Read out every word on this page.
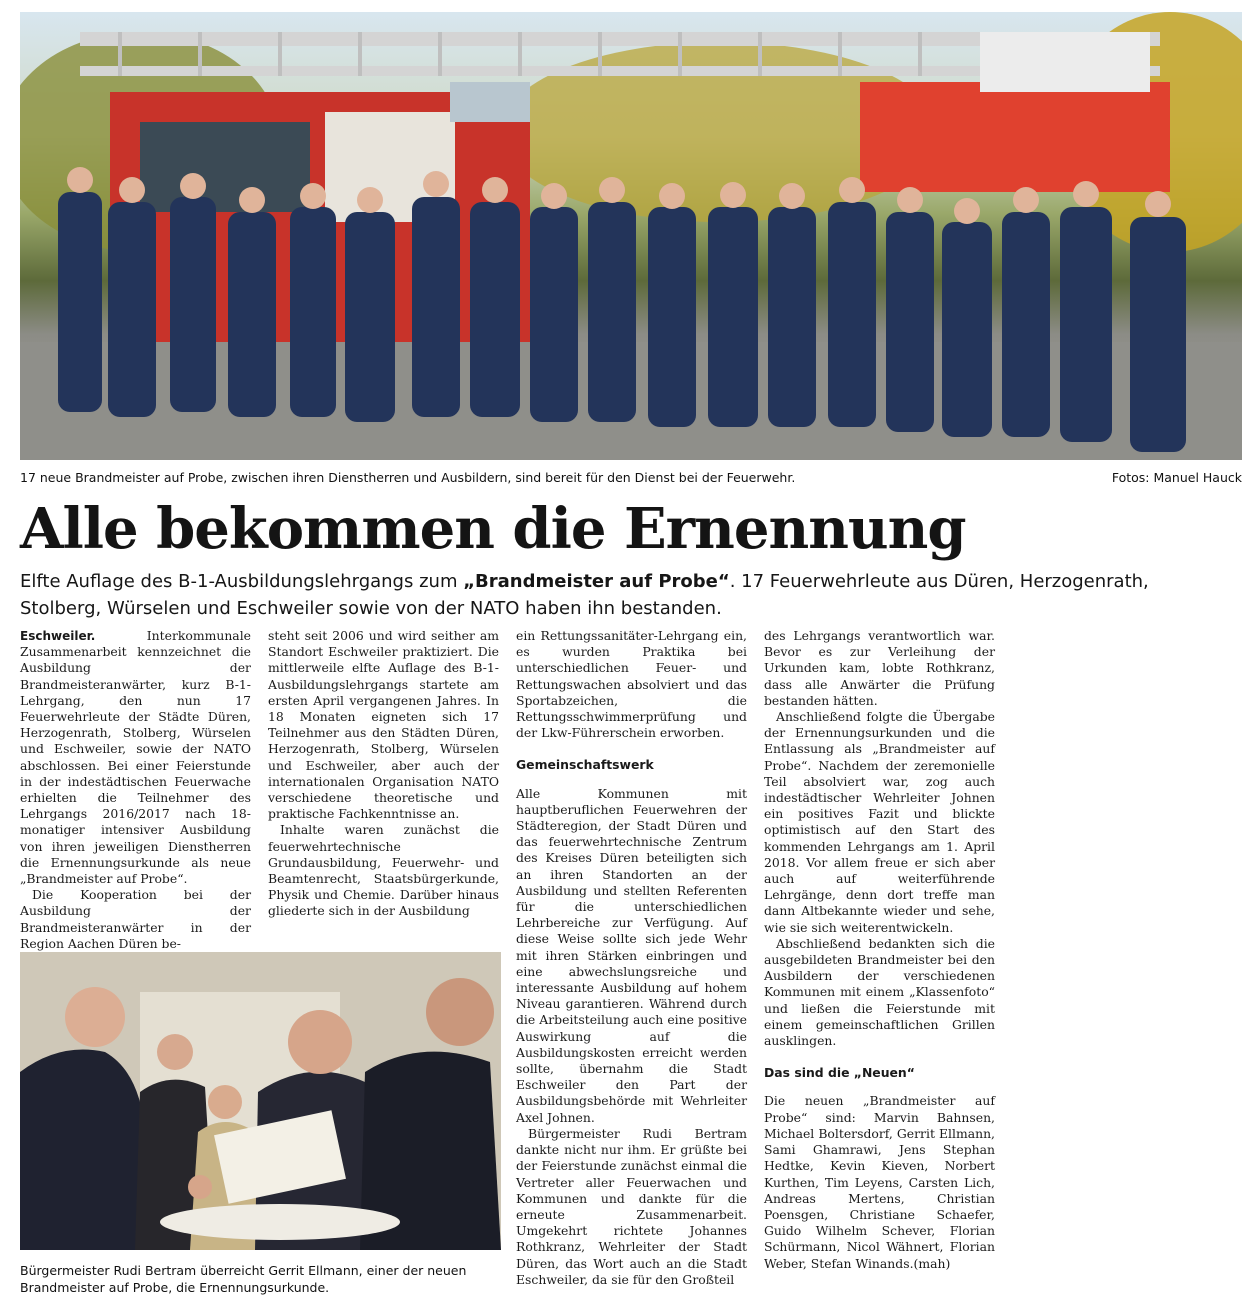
17 neue Brandmeister auf Probe, zwischen ihren Dienstherren und Ausbildern, sind bereit für den Dienst bei der Feuerwehr.	Fotos: Manuel Hauck
Alle bekommen die Ernennung
Elfte Auflage des B-1-Ausbildungslehrgangs zum „Brandmeister auf Probe“. 17 Feuerwehrleute aus Düren, Herzogenrath, Stolberg, Würselen und Eschweiler sowie von der NATO haben ihn bestanden.

Eschweiler. Interkommunale Zusammenarbeit kennzeichnet die Ausbildung der Brandmeisteranwärter, kurz B-1-Lehrgang, den nun 17 Feuerwehrleute der Städte Düren, Herzogenrath, Stolberg, Würselen und Eschweiler, sowie der NATO abschlossen. Bei einer Feierstunde in der indestädtischen Feuerwache erhielten die Teilnehmer des Lehrgangs 2016/2017 nach 18-monatiger intensiver Ausbildung von ihren jeweiligen Dienstherren die Ernennungsurkunde als neue „Brandmeister auf Probe“.

Die Kooperation bei der Ausbildung der Brandmeisteranwärter in der Region Aachen Düren be-

steht seit 2006 und wird seither am Standort Eschweiler praktiziert. Die mittlerweile elfte Auflage des B-1-Ausbildungslehrgangs startete am ersten April vergangenen Jahres. In 18 Monaten eigneten sich 17 Teilnehmer aus den Städten Düren, Herzogenrath, Stolberg, Würselen und Eschweiler, aber auch der internationalen Organisation NATO verschiedene theoretische und praktische Fachkenntnisse an.

Inhalte waren zunächst die feuerwehrtechnische Grundausbildung, Feuerwehr- und Beamtenrecht, Staatsbürgerkunde, Physik und Chemie. Darüber hinaus gliederte sich in der Ausbildung

ein Rettungssanitäter-Lehrgang ein, es wurden Praktika bei unterschiedlichen Feuer- und Rettungswachen absolviert und das Sportabzeichen, die Rettungsschwimmerprüfung und der Lkw-Führerschein erworben.

Gemeinschaftswerk

Alle Kommunen mit hauptberuflichen Feuerwehren der Städteregion, der Stadt Düren und das feuerwehrtechnische Zentrum des Kreises Düren beteiligten sich an ihren Standorten an der Ausbildung und stellten Referenten für die unterschiedlichen Lehrbereiche zur Verfügung. Auf diese Weise sollte sich jede Wehr mit ihren Stärken einbringen und eine abwechslungsreiche und interessante Ausbildung auf hohem Niveau garantieren. Während durch die Arbeitsteilung auch eine positive Auswirkung auf die Ausbildungskosten erreicht werden sollte, übernahm die Stadt Eschweiler den Part der Ausbildungsbehörde mit Wehrleiter Axel Johnen.

Bürgermeister Rudi Bertram dankte nicht nur ihm. Er grüßte bei der Feierstunde zunächst einmal die Vertreter aller Feuerwachen und Kommunen und dankte für die erneute Zusammenarbeit. Umgekehrt richtete Johannes Rothkranz, Wehrleiter der Stadt Düren, das Wort auch an die Stadt Eschweiler, da sie für den Großteil

des Lehrgangs verantwortlich war. Bevor es zur Verleihung der Urkunden kam, lobte Rothkranz, dass alle Anwärter die Prüfung bestanden hätten.

Anschließend folgte die Übergabe der Ernennungsurkunden und die Entlassung als „Brandmeister auf Probe“. Nachdem der zeremonielle Teil absolviert war, zog auch indestädtischer Wehrleiter Johnen ein positives Fazit und blickte optimistisch auf den Start des kommenden Lehrgangs am 1. April 2018. Vor allem freue er sich aber auch auf weiterführende Lehrgänge, denn dort treffe man dann Altbekannte wieder und sehe, wie sie sich weiterentwickeln.

Abschließend bedankten sich die ausgebildeten Brandmeister bei den Ausbildern der verschiedenen Kommunen mit einem „Klassenfoto“ und ließen die Feierstunde mit einem gemeinschaftlichen Grillen ausklingen.

Das sind die „Neuen“

Die neuen „Brandmeister auf Probe“ sind: Marvin Bahnsen, Michael Boltersdorf, Gerrit Ellmann, Sami Ghamrawi, Jens Stephan Hedtke, Kevin Kieven, Norbert Kurthen, Tim Leyens, Carsten Lich, Andreas Mertens, Christian Poensgen, Christiane Schaefer, Guido Wilhelm Schever, Florian Schürmann, Nicol Wähnert, Florian Weber, Stefan Winands.(mah)

Bürgermeister Rudi Bertram überreicht Gerrit Ellmann, einer der neuen Brandmeister auf Probe, die Ernennungsurkunde.
